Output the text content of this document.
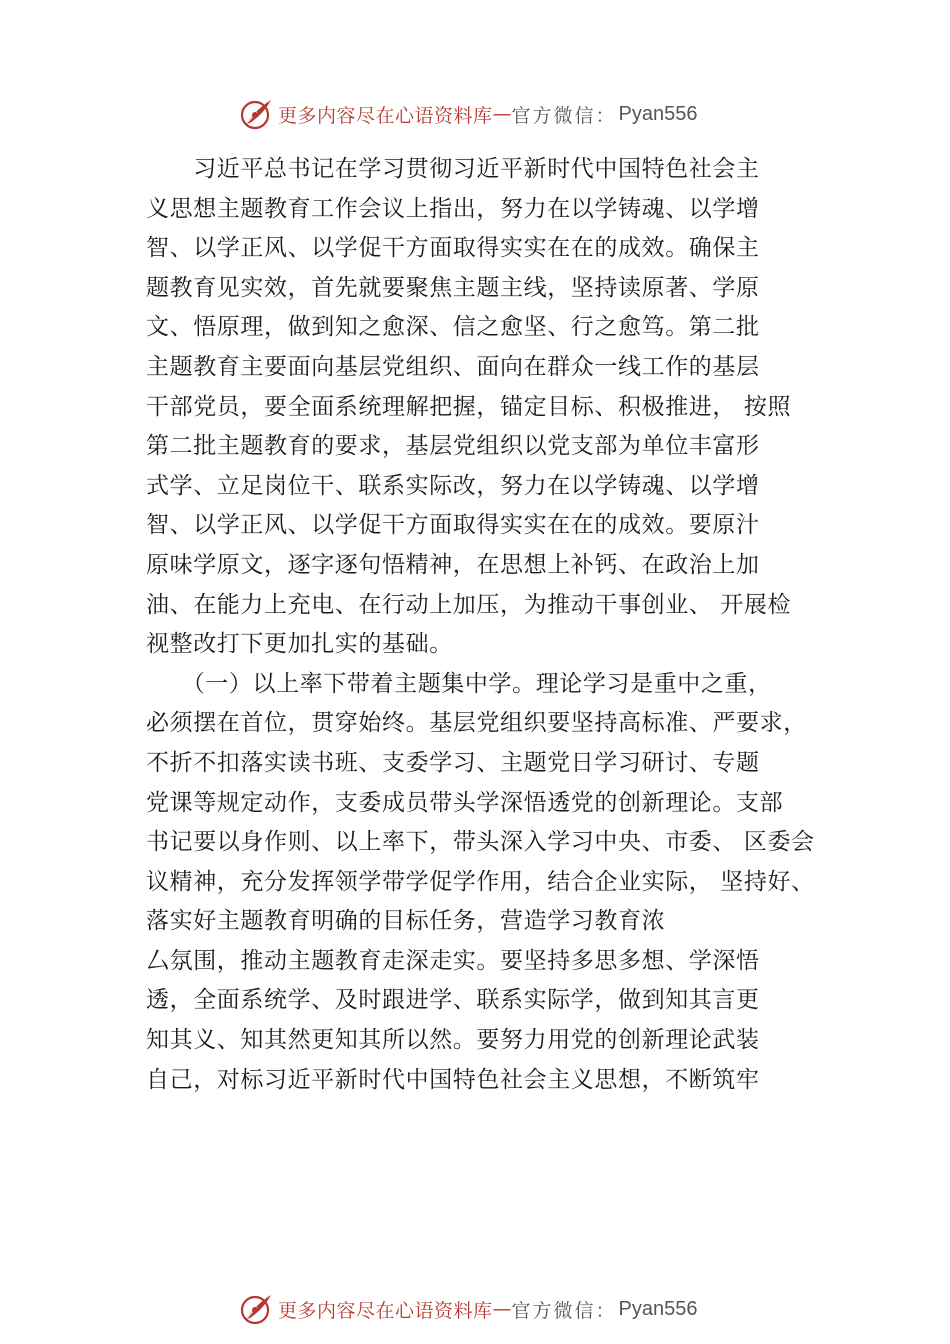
更多内容尽在心语资料库 — 官方微信： Pyan556
　　习近平总书记在学习贯彻习近平新时代中国特色社会主
义思想主题教育工作会议上指出，努力在以学铸魂、以学增
智、以学正风、以学促干方面取得实实在在的成效。确保主
题教育见实效，首先就要聚焦主题主线，坚持读原著、学原
文、悟原理，做到知之愈深、信之愈坚、行之愈笃。第二批
主题教育主要面向基层党组织、面向在群众一线工作的基层
干部党员，要全面系统理解把握，锚定目标、积极推进， 按照
第二批主题教育的要求，基层党组织以党支部为单位丰富形
式学、立足岗位干、联系实际改，努力在以学铸魂、以学增
智、以学正风、以学促干方面取得实实在在的成效。要原汁
原味学原文，逐字逐句悟精神，在思想上补钙、在政治上加
油、在能力上充电、在行动上加压，为推动干事创业、 开展检
视整改打下更加扎实的基础。
　　（一）以上率下带着主题集中学。理论学习是重中之重，
必须摆在首位，贯穿始终。基层党组织要坚持高标准、严要求，
不折不扣落实读书班、支委学习、主题党日学习研讨、专题
党课等规定动作，支委成员带头学深悟透党的创新理论。支部
书记要以身作则、以上率下，带头深入学习中央、市委、 区委会
议精神，充分发挥领学带学促学作用，结合企业实际， 坚持好、
落实好主题教育明确的目标任务，营造学习教育浓
厶氛围，推动主题教育走深走实。要坚持多思多想、学深悟
透，全面系统学、及时跟进学、联系实际学，做到知其言更
知其义、知其然更知其所以然。要努力用党的创新理论武装
自己，对标习近平新时代中国特色社会主义思想，不断筑牢
更多内容尽在心语资料库 — 官方微信： Pyan556
